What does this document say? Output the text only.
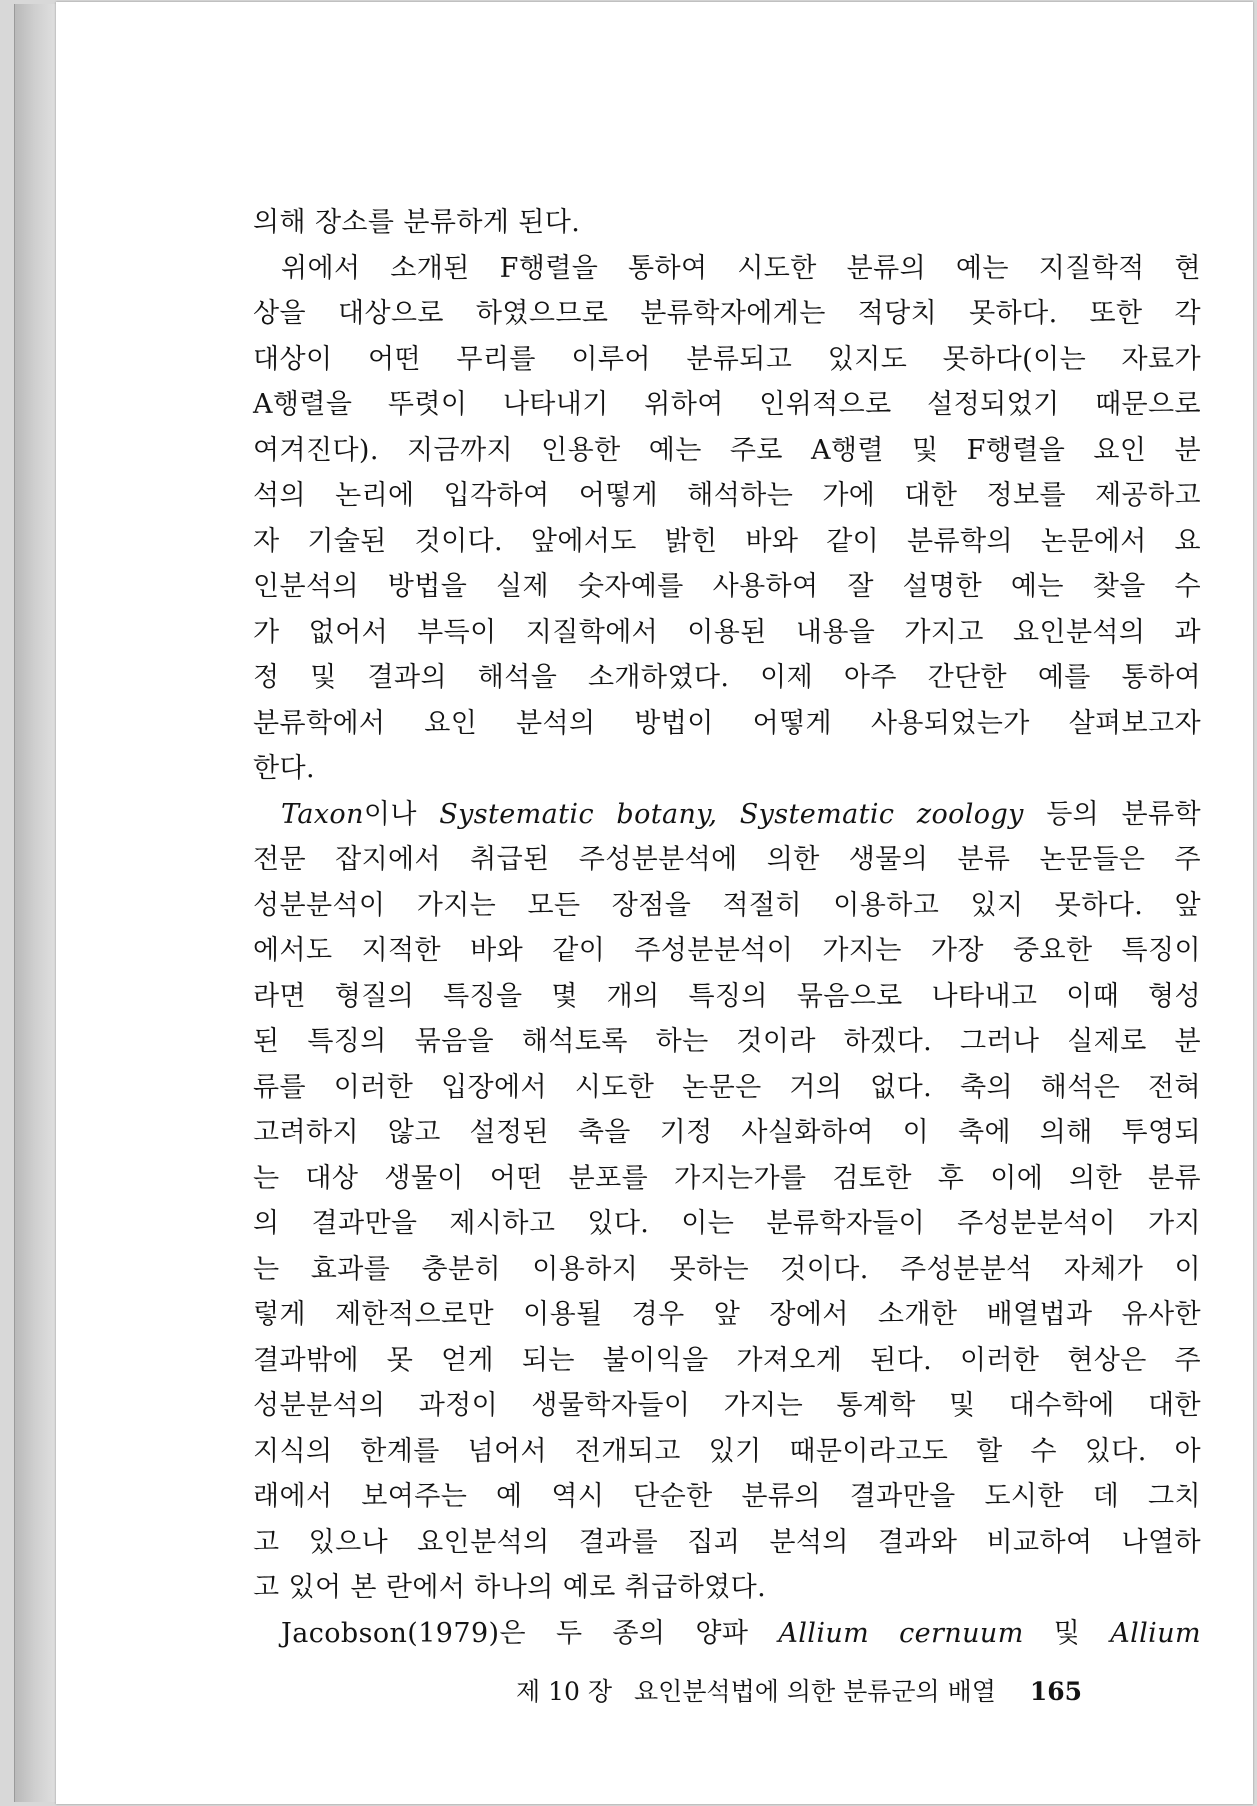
의해 장소를 분류하게 된다.
위에서 소개된 F행렬을 통하여 시도한 분류의 예는 지질학적 현
상을 대상으로 하였으므로 분류학자에게는 적당치 못하다. 또한 각
대상이 어떤 무리를 이루어 분류되고 있지도 못하다(이는 자료가
A행렬을 뚜렷이 나타내기 위하여 인위적으로 설정되었기 때문으로
여겨진다). 지금까지 인용한 예는 주로 A행렬 및 F행렬을 요인 분
석의 논리에 입각하여 어떻게 해석하는 가에 대한 정보를 제공하고
자 기술된 것이다. 앞에서도 밝힌 바와 같이 분류학의 논문에서 요
인분석의 방법을 실제 숫자예를 사용하여 잘 설명한 예는 찾을 수
가 없어서 부득이 지질학에서 이용된 내용을 가지고 요인분석의 과
정 및 결과의 해석을 소개하였다. 이제 아주 간단한 예를 통하여
분류학에서 요인 분석의 방법이 어떻게 사용되었는가 살펴보고자
한다.
Taxon이나 Systematic botany, Systematic zoology 등의 분류학
전문 잡지에서 취급된 주성분분석에 의한 생물의 분류 논문들은 주
성분분석이 가지는 모든 장점을 적절히 이용하고 있지 못하다. 앞
에서도 지적한 바와 같이 주성분분석이 가지는 가장 중요한 특징이
라면 형질의 특징을 몇 개의 특징의 묶음으로 나타내고 이때 형성
된 특징의 묶음을 해석토록 하는 것이라 하겠다. 그러나 실제로 분
류를 이러한 입장에서 시도한 논문은 거의 없다. 축의 해석은 전혀
고려하지 않고 설정된 축을 기정 사실화하여 이 축에 의해 투영되
는 대상 생물이 어떤 분포를 가지는가를 검토한 후 이에 의한 분류
의 결과만을 제시하고 있다. 이는 분류학자들이 주성분분석이 가지
는 효과를 충분히 이용하지 못하는 것이다. 주성분분석 자체가 이
렇게 제한적으로만 이용될 경우 앞 장에서 소개한 배열법과 유사한
결과밖에 못 얻게 되는 불이익을 가져오게 된다. 이러한 현상은 주
성분분석의 과정이 생물학자들이 가지는 통계학 및 대수학에 대한
지식의 한계를 넘어서 전개되고 있기 때문이라고도 할 수 있다. 아
래에서 보여주는 예 역시 단순한 분류의 결과만을 도시한 데 그치
고 있으나 요인분석의 결과를 집괴 분석의 결과와 비교하여 나열하
고 있어 본 란에서 하나의 예로 취급하였다.
Jacobson(1979)은 두 종의 양파 Allium cernuum 및 Allium
제 10 장 요인분석법에 의한 분류군의 배열 165
